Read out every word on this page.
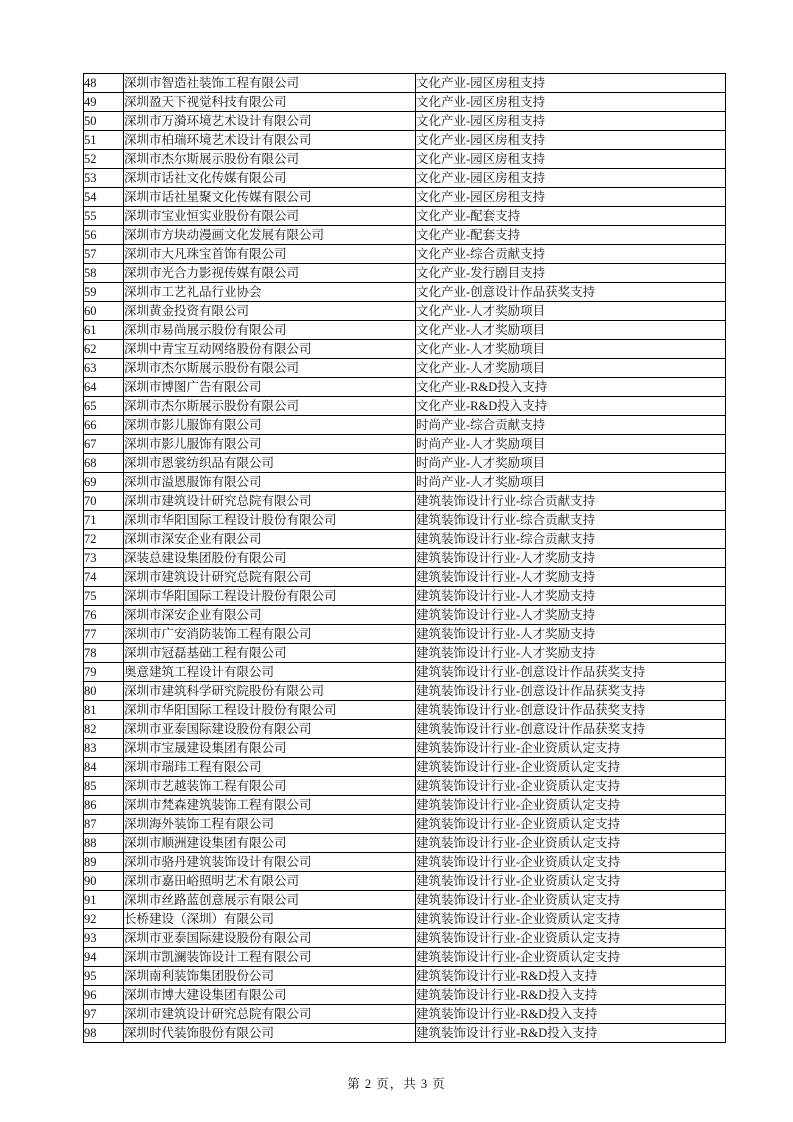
48	深圳市智造社装饰工程有限公司	文化产业-园区房租支持
49	深圳盈天下视觉科技有限公司	文化产业-园区房租支持
50	深圳市万漪环境艺术设计有限公司	文化产业-园区房租支持
51	深圳市柏瑞环境艺术设计有限公司	文化产业-园区房租支持
52	深圳市杰尔斯展示股份有限公司	文化产业-园区房租支持
53	深圳市话社文化传媒有限公司	文化产业-园区房租支持
54	深圳市话社星聚文化传媒有限公司	文化产业-园区房租支持
55	深圳市宝业恒实业股份有限公司	文化产业-配套支持
56	深圳市方块动漫画文化发展有限公司	文化产业-配套支持
57	深圳市大凡珠宝首饰有限公司	文化产业-综合贡献支持
58	深圳市光合力影视传媒有限公司	文化产业-发行剧目支持
59	深圳市工艺礼品行业协会	文化产业-创意设计作品获奖支持
60	深圳黄金投资有限公司	文化产业-人才奖励项目
61	深圳市易尚展示股份有限公司	文化产业-人才奖励项目
62	深圳中青宝互动网络股份有限公司	文化产业-人才奖励项目
63	深圳市杰尔斯展示股份有限公司	文化产业-人才奖励项目
64	深圳市博图广告有限公司	文化产业-R&D投入支持
65	深圳市杰尔斯展示股份有限公司	文化产业-R&D投入支持
66	深圳市影儿服饰有限公司	时尚产业-综合贡献支持
67	深圳市影儿服饰有限公司	时尚产业-人才奖励项目
68	深圳市恩裳纺织品有限公司	时尚产业-人才奖励项目
69	深圳市溢恩服饰有限公司	时尚产业-人才奖励项目
70	深圳市建筑设计研究总院有限公司	建筑装饰设计行业-综合贡献支持
71	深圳市华阳国际工程设计股份有限公司	建筑装饰设计行业-综合贡献支持
72	深圳市深安企业有限公司	建筑装饰设计行业-综合贡献支持
73	深装总建设集团股份有限公司	建筑装饰设计行业-人才奖励支持
74	深圳市建筑设计研究总院有限公司	建筑装饰设计行业-人才奖励支持
75	深圳市华阳国际工程设计股份有限公司	建筑装饰设计行业-人才奖励支持
76	深圳市深安企业有限公司	建筑装饰设计行业-人才奖励支持
77	深圳市广安消防装饰工程有限公司	建筑装饰设计行业-人才奖励支持
78	深圳市冠磊基础工程有限公司	建筑装饰设计行业-人才奖励支持
79	奥意建筑工程设计有限公司	建筑装饰设计行业-创意设计作品获奖支持
80	深圳市建筑科学研究院股份有限公司	建筑装饰设计行业-创意设计作品获奖支持
81	深圳市华阳国际工程设计股份有限公司	建筑装饰设计行业-创意设计作品获奖支持
82	深圳市亚泰国际建设股份有限公司	建筑装饰设计行业-创意设计作品获奖支持
83	深圳市宝晟建设集团有限公司	建筑装饰设计行业-企业资质认定支持
84	深圳市瑞玮工程有限公司	建筑装饰设计行业-企业资质认定支持
85	深圳市艺越装饰工程有限公司	建筑装饰设计行业-企业资质认定支持
86	深圳市梵森建筑装饰工程有限公司	建筑装饰设计行业-企业资质认定支持
87	深圳海外装饰工程有限公司	建筑装饰设计行业-企业资质认定支持
88	深圳市顺洲建设集团有限公司	建筑装饰设计行业-企业资质认定支持
89	深圳市骆丹建筑装饰设计有限公司	建筑装饰设计行业-企业资质认定支持
90	深圳市嘉田峪照明艺术有限公司	建筑装饰设计行业-企业资质认定支持
91	深圳市丝路蓝创意展示有限公司	建筑装饰设计行业-企业资质认定支持
92	长桥建设（深圳）有限公司	建筑装饰设计行业-企业资质认定支持
93	深圳市亚泰国际建设股份有限公司	建筑装饰设计行业-企业资质认定支持
94	深圳市凯澜装饰设计工程有限公司	建筑装饰设计行业-企业资质认定支持
95	深圳南利装饰集团股份公司	建筑装饰设计行业-R&D投入支持
96	深圳市博大建设集团有限公司	建筑装饰设计行业-R&D投入支持
97	深圳市建筑设计研究总院有限公司	建筑装饰设计行业-R&D投入支持
98	深圳时代装饰股份有限公司	建筑装饰设计行业-R&D投入支持
第 2 页，共 3 页
